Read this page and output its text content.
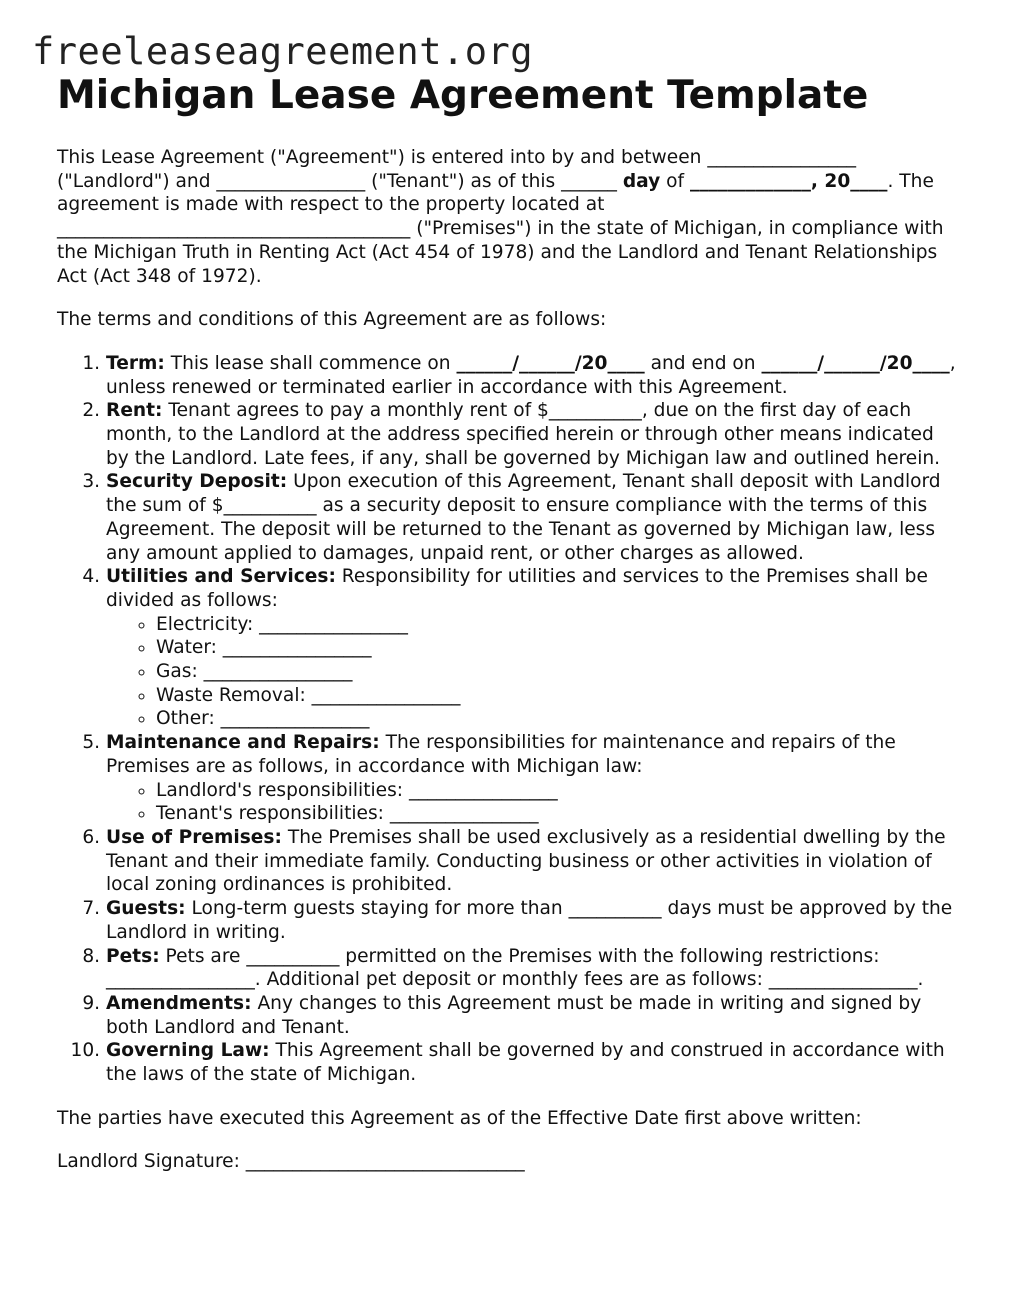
freeleaseagreement.org
Michigan Lease Agreement Template

This Lease Agreement ("Agreement") is entered into by and between ________________ ("Landlord") and ________________ ("Tenant") as of this ______ day of _____________, 20____. The agreement is made with respect to the property located at ______________________________________ ("Premises") in the state of Michigan, in compliance with the Michigan Truth in Renting Act (Act 454 of 1978) and the Landlord and Tenant Relationships Act (Act 348 of 1972).

The terms and conditions of this Agreement are as follows:

1. Term: This lease shall commence on ______/______/20____ and end on ______/______/20____, unless renewed or terminated earlier in accordance with this Agreement.
2. Rent: Tenant agrees to pay a monthly rent of $__________, due on the first day of each month, to the Landlord at the address specified herein or through other means indicated by the Landlord. Late fees, if any, shall be governed by Michigan law and outlined herein.
3. Security Deposit: Upon execution of this Agreement, Tenant shall deposit with Landlord the sum of $__________ as a security deposit to ensure compliance with the terms of this Agreement. The deposit will be returned to the Tenant as governed by Michigan law, less any amount applied to damages, unpaid rent, or other charges as allowed.
4. Utilities and Services: Responsibility for utilities and services to the Premises shall be divided as follows:
◦ Electricity: ________________
◦ Water: ________________
◦ Gas: ________________
◦ Waste Removal: ________________
◦ Other: ________________
5. Maintenance and Repairs: The responsibilities for maintenance and repairs of the Premises are as follows, in accordance with Michigan law:
◦ Landlord's responsibilities: ________________
◦ Tenant's responsibilities: ________________
6. Use of Premises: The Premises shall be used exclusively as a residential dwelling by the Tenant and their immediate family. Conducting business or other activities in violation of local zoning ordinances is prohibited.
7. Guests: Long-term guests staying for more than __________ days must be approved by the Landlord in writing.
8. Pets: Pets are __________ permitted on the Premises with the following restrictions: ________________. Additional pet deposit or monthly fees are as follows: ________________.
9. Amendments: Any changes to this Agreement must be made in writing and signed by both Landlord and Tenant.
10. Governing Law: This Agreement shall be governed by and construed in accordance with the laws of the state of Michigan.

The parties have executed this Agreement as of the Effective Date first above written:

Landlord Signature: ______________________________
